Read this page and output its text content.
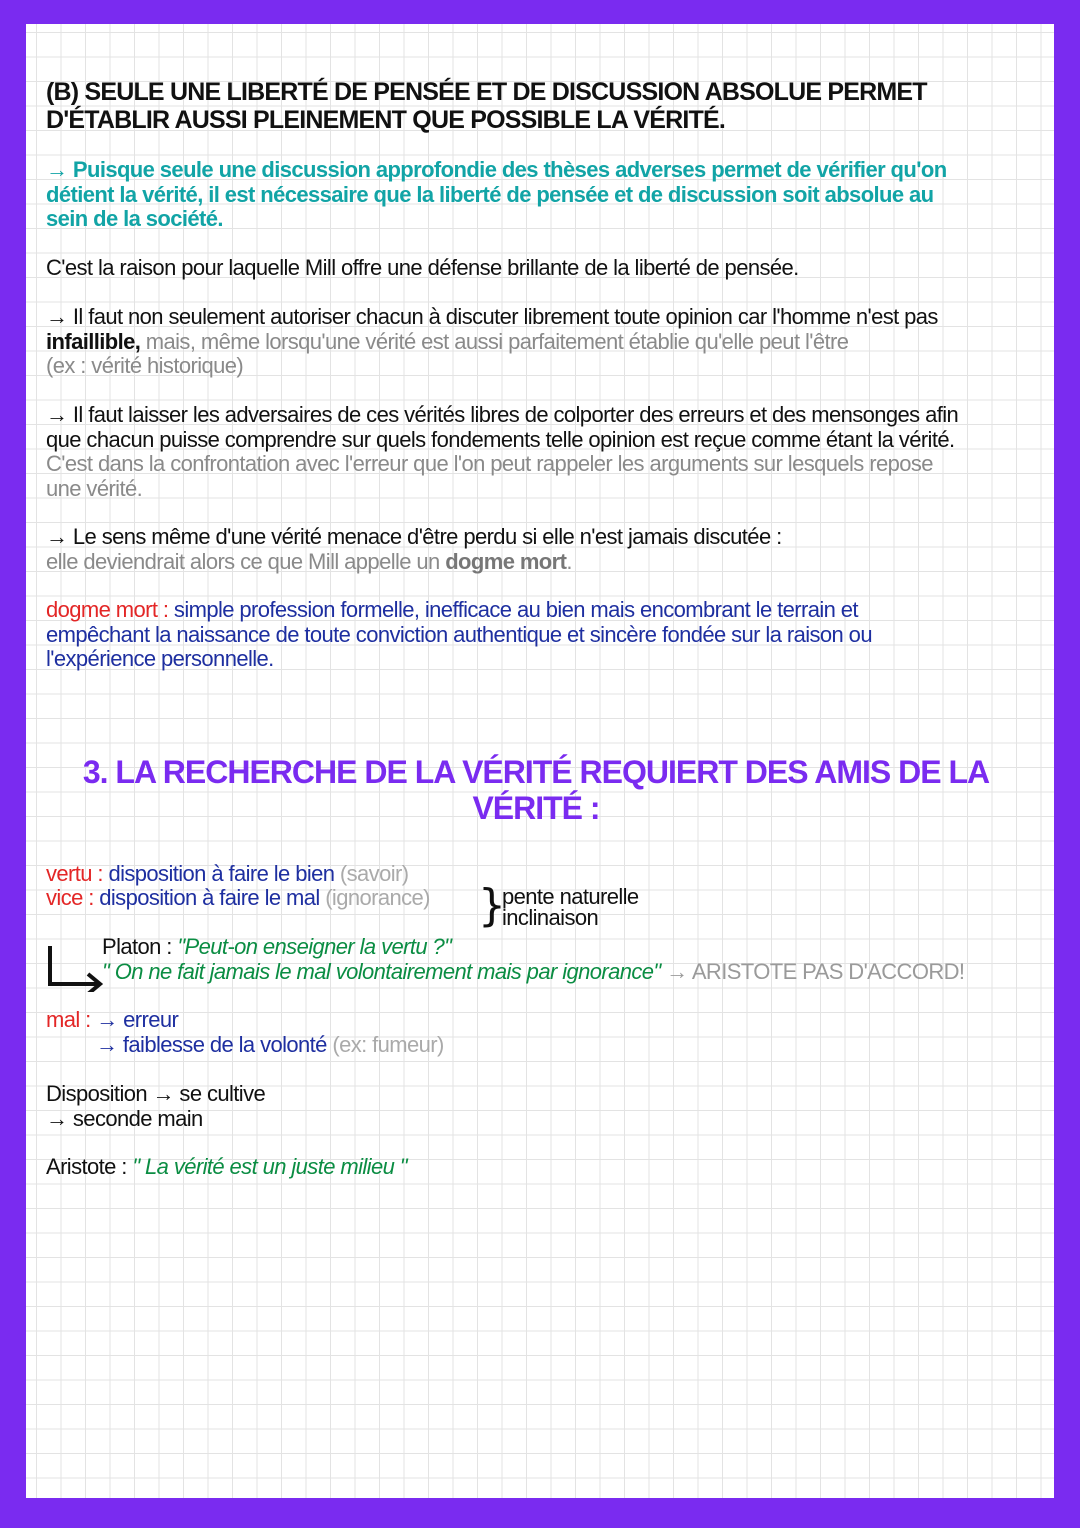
(B) SEULE UNE LIBERTÉ DE PENSÉE ET DE DISCUSSION ABSOLUE PERMET
D'ÉTABLIR AUSSI PLEINEMENT QUE POSSIBLE LA VÉRITÉ.
→ Puisque seule une discussion approfondie des thèses adverses permet de vérifier qu'on
détient la vérité, il est nécessaire que la liberté de pensée et de discussion soit absolue au
sein de la société.
C'est la raison pour laquelle Mill offre une défense brillante de la liberté de pensée.
→ Il faut non seulement autoriser chacun à discuter librement toute opinion car l'homme n'est pas
infaillible, mais, même lorsqu'une vérité est aussi parfaitement établie qu'elle peut l'être
(ex : vérité historique)
→ Il faut laisser les adversaires de ces vérités libres de colporter des erreurs et des mensonges afin
que chacun puisse comprendre sur quels fondements telle opinion est reçue comme étant la vérité.
C'est dans la confrontation avec l'erreur que l'on peut rappeler les arguments sur lesquels repose
une vérité.
→ Le sens même d'une vérité menace d'être perdu si elle n'est jamais discutée :
elle deviendrait alors ce que Mill appelle un dogme mort.
dogme mort : simple profession formelle, inefficace au bien mais encombrant le terrain et
empêchant la naissance de toute conviction authentique et sincère fondée sur la raison ou
l'expérience personnelle.
3. LA RECHERCHE DE LA VÉRITÉ REQUIERT DES AMIS DE LA
VÉRITÉ :
vertu : disposition à faire le bien (savoir)
vice : disposition à faire le mal (ignorance)	}
pente naturelle
inclinaison
Platon : "Peut-on enseigner la vertu ?"
" On ne fait jamais le mal volontairement mais par ignorance" → ARISTOTE PAS D'ACCORD!
mal : → erreur
→ faiblesse de la volonté (ex: fumeur)
Disposition → se cultive
→ seconde main
Aristote : " La vérité est un juste milieu "
